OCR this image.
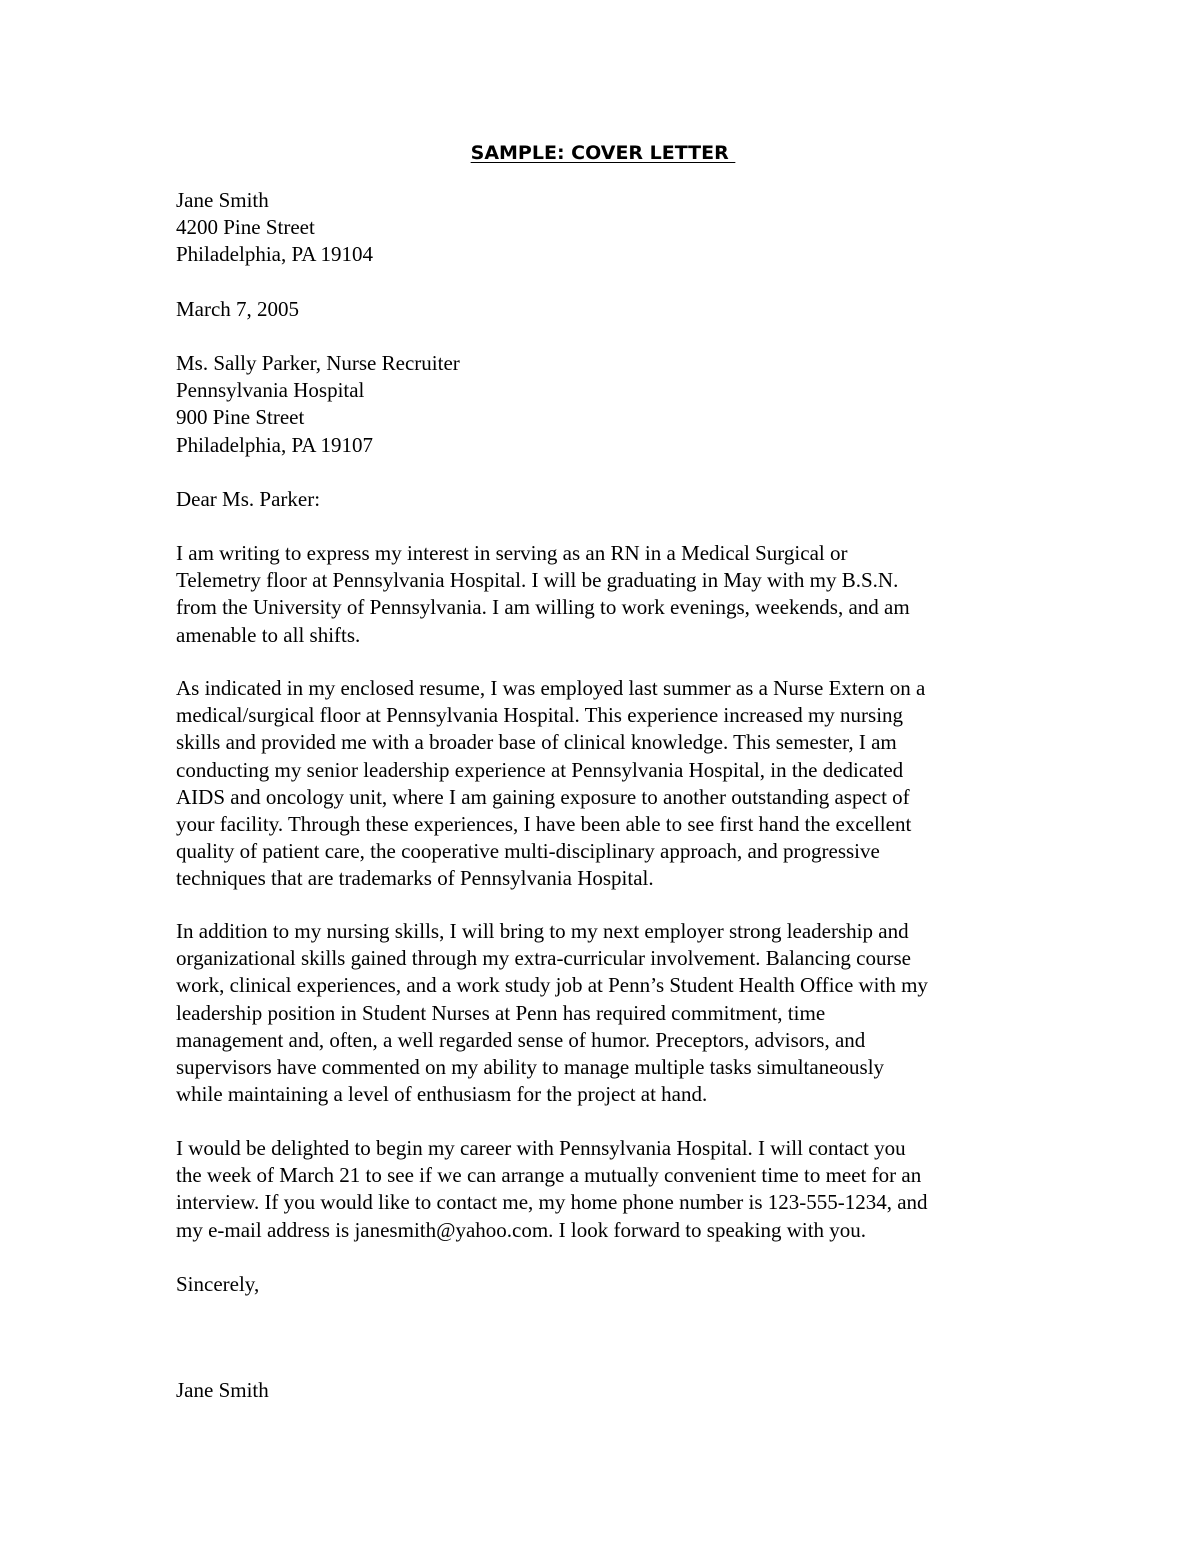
SAMPLE: COVER LETTER
Jane Smith
4200 Pine Street
Philadelphia, PA 19104
March 7, 2005
Ms. Sally Parker, Nurse Recruiter
Pennsylvania Hospital
900 Pine Street
Philadelphia, PA 19107
Dear Ms. Parker:
I am writing to express my interest in serving as an RN in a Medical Surgical or
Telemetry floor at Pennsylvania Hospital. I will be graduating in May with my B.S.N.
from the University of Pennsylvania. I am willing to work evenings, weekends, and am
amenable to all shifts.
As indicated in my enclosed resume, I was employed last summer as a Nurse Extern on a
medical/surgical floor at Pennsylvania Hospital. This experience increased my nursing
skills and provided me with a broader base of clinical knowledge. This semester, I am
conducting my senior leadership experience at Pennsylvania Hospital, in the dedicated
AIDS and oncology unit, where I am gaining exposure to another outstanding aspect of
your facility. Through these experiences, I have been able to see first hand the excellent
quality of patient care, the cooperative multi-disciplinary approach, and progressive
techniques that are trademarks of Pennsylvania Hospital.
In addition to my nursing skills, I will bring to my next employer strong leadership and
organizational skills gained through my extra-curricular involvement. Balancing course
work, clinical experiences, and a work study job at Penn’s Student Health Office with my
leadership position in Student Nurses at Penn has required commitment, time
management and, often, a well regarded sense of humor. Preceptors, advisors, and
supervisors have commented on my ability to manage multiple tasks simultaneously
while maintaining a level of enthusiasm for the project at hand.
I would be delighted to begin my career with Pennsylvania Hospital. I will contact you
the week of March 21 to see if we can arrange a mutually convenient time to meet for an
interview. If you would like to contact me, my home phone number is 123-555-1234, and
my e-mail address is janesmith@yahoo.com. I look forward to speaking with you.
Sincerely,
Jane Smith
